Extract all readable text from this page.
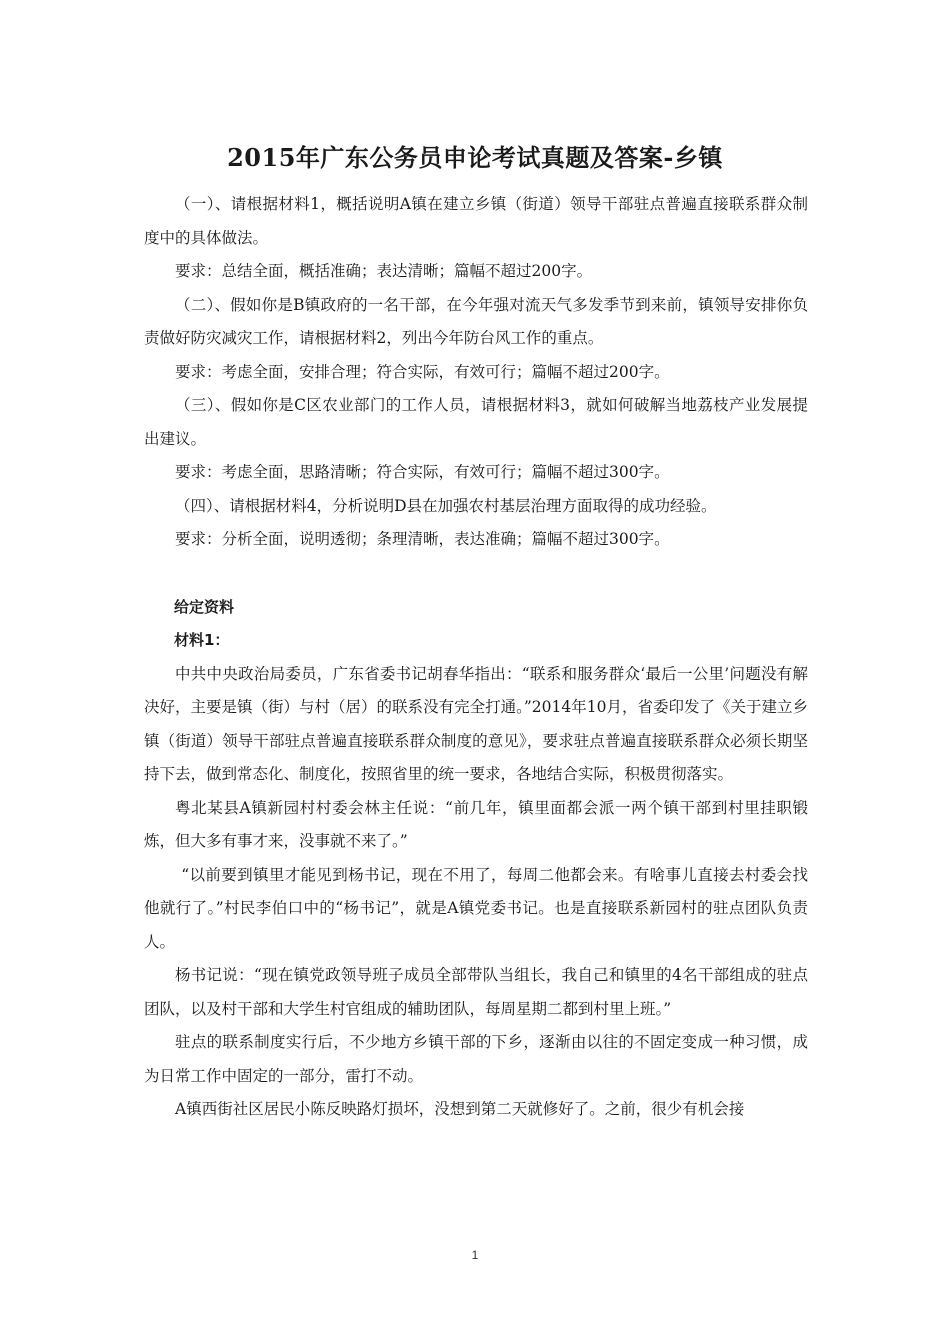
2015年广东公务员申论考试真题及答案-乡镇

（一）、请根据材料1，概括说明A镇在建立乡镇（街道）领导干部驻点普遍直接联系群众制度中的具体做法。

要求：总结全面，概括准确；表达清晰；篇幅不超过200字。

（二）、假如你是B镇政府的一名干部，在今年强对流天气多发季节到来前，镇领导安排你负责做好防灾减灾工作，请根据材料2，列出今年防台风工作的重点。

要求：考虑全面，安排合理；符合实际，有效可行；篇幅不超过200字。

（三）、假如你是C区农业部门的工作人员，请根据材料3，就如何破解当地荔枝产业发展提出建议。

要求：考虑全面，思路清晰；符合实际，有效可行；篇幅不超过300字。

（四）、请根据材料4，分析说明D县在加强农村基层治理方面取得的成功经验。

要求：分析全面，说明透彻；条理清晰，表达准确；篇幅不超过300字。

给定资料

材料1：

中共中央政治局委员，广东省委书记胡春华指出：“联系和服务群众‘最后一公里’问题没有解决好，主要是镇（街）与村（居）的联系没有完全打通。”2014年10月，省委印发了《关于建立乡镇（街道）领导干部驻点普遍直接联系群众制度的意见》，要求驻点普遍直接联系群众必须长期坚持下去，做到常态化、制度化，按照省里的统一要求，各地结合实际，积极贯彻落实。

粤北某县A镇新园村村委会林主任说：“前几年，镇里面都会派一两个镇干部到村里挂职锻炼，但大多有事才来，没事就不来了。”

“以前要到镇里才能见到杨书记，现在不用了，每周二他都会来。有啥事儿直接去村委会找他就行了。”村民李伯口中的“杨书记”，就是A镇党委书记。也是直接联系新园村的驻点团队负责人。

杨书记说：“现在镇党政领导班子成员全部带队当组长，我自己和镇里的4名干部组成的驻点团队，以及村干部和大学生村官组成的辅助团队，每周星期二都到村里上班。”

驻点的联系制度实行后，不少地方乡镇干部的下乡，逐渐由以往的不固定变成一种习惯，成为日常工作中固定的一部分，雷打不动。

A镇西街社区居民小陈反映路灯损坏，没想到第二天就修好了。之前，很少有机会接

1
